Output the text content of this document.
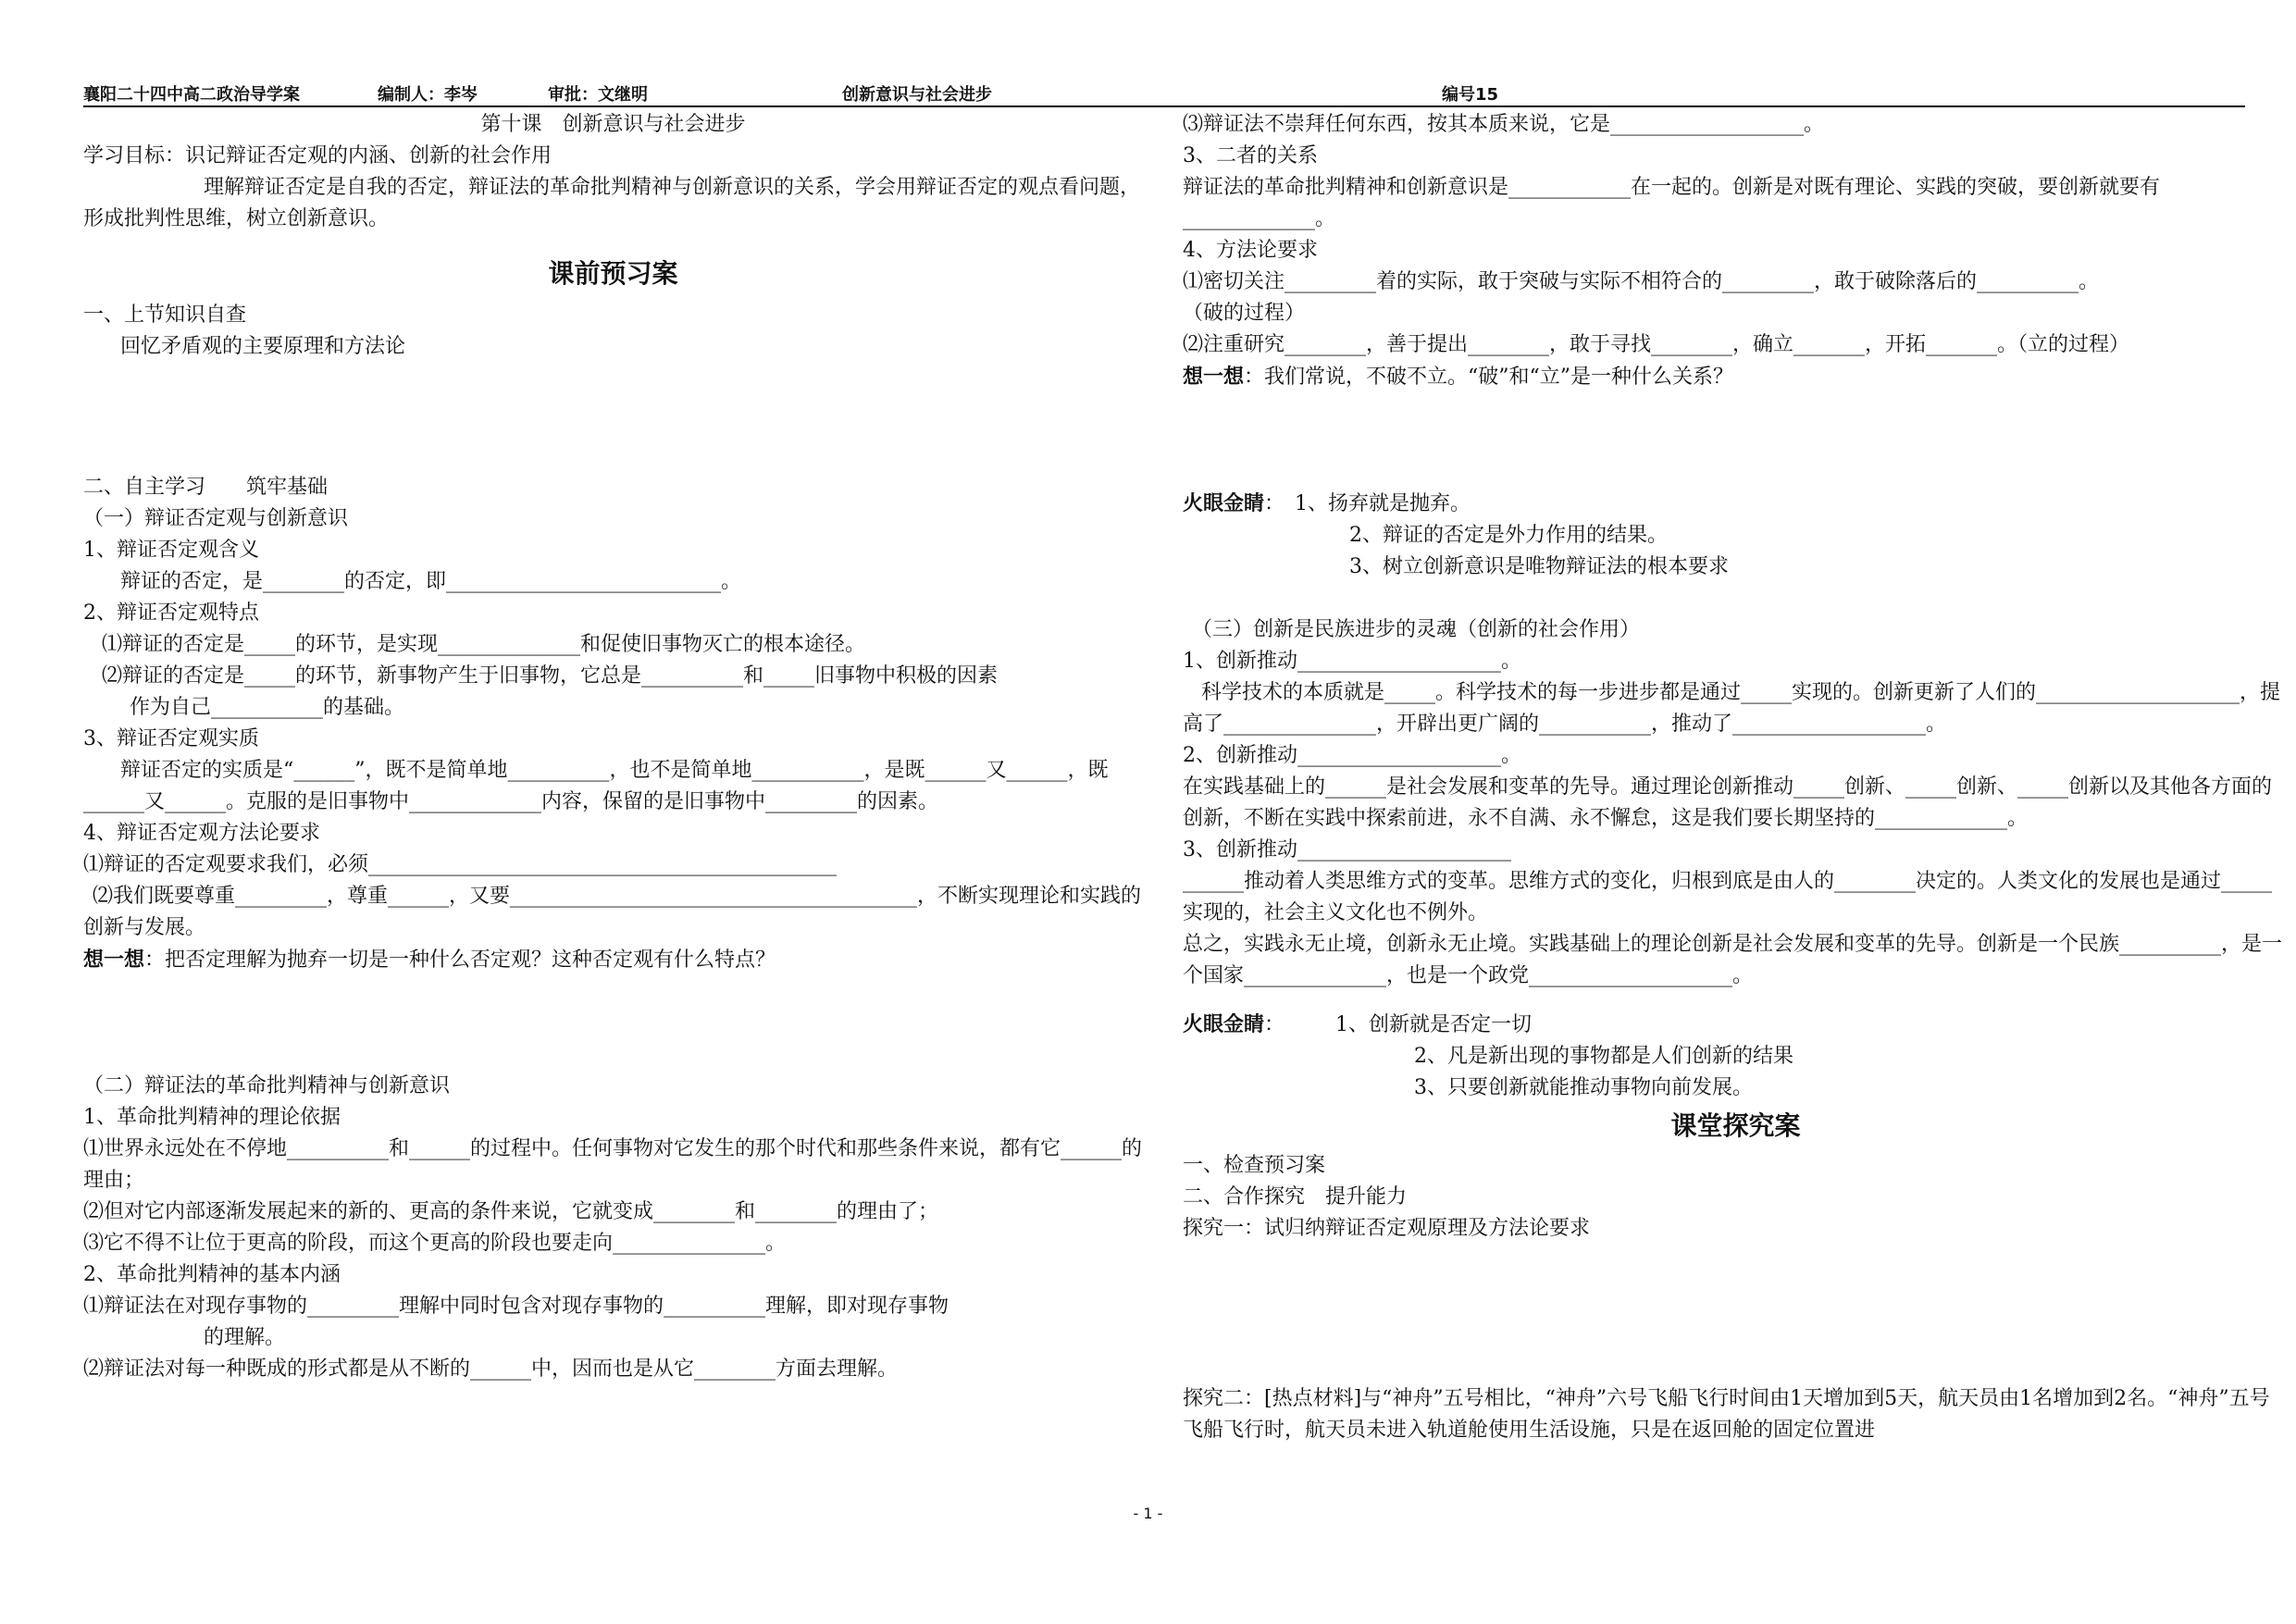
襄阳二十四中高二政治导学案	编制人：李岑	审批：文继明	创新意识与社会进步	编号15

第十课　创新意识与社会进步

学习目标：识记辩证否定观的内涵、创新的社会作用

理解辩证否定是自我的否定，辩证法的革命批判精神与创新意识的关系，学会用辩证否定的观点看问题，形成批判性思维，树立创新意识。

课前预习案

一、上节知识自查

回忆矛盾观的主要原理和方法论

二、自主学习　　筑牢基础

（一）辩证否定观与创新意识

1、辩证否定观含义

辩证的否定，是________的否定，即___________________________。

2、辩证否定观特点

⑴辩证的否定是_____的环节，是实现______________和促使旧事物灭亡的根本途径。

⑵辩证的否定是_____的环节，新事物产生于旧事物，它总是__________和_____旧事物中积极的因素

作为自己___________的基础。

3、辩证否定观实质

辩证否定的实质是“______”，既不是简单地__________，也不是简单地___________，是既______又______，既______又______。克服的是旧事物中_____________内容，保留的是旧事物中_________的因素。

4、辩证否定观方法论要求

⑴辩证的否定观要求我们，必须______________________________________________

⑵我们既要尊重_________，尊重______，又要________________________________________，不断实现理论和实践的创新与发展。

想一想：把否定理解为抛弃一切是一种什么否定观？这种否定观有什么特点？

（二）辩证法的革命批判精神与创新意识

1、革命批判精神的理论依据

⑴世界永远处在不停地__________和______的过程中。任何事物对它发生的那个时代和那些条件来说，都有它______的理由；

⑵但对它内部逐渐发展起来的新的、更高的条件来说，它就变成________和________的理由了；

⑶它不得不让位于更高的阶段，而这个更高的阶段也要走向_______________。

2、革命批判精神的基本内涵

⑴辩证法在对现存事物的_________理解中同时包含对现存事物的__________理解，即对现存事物

的理解。

⑵辩证法对每一种既成的形式都是从不断的______中，因而也是从它________方面去理解。

⑶辩证法不崇拜任何东西，按其本质来说，它是___________________。

3、二者的关系

辩证法的革命批判精神和创新意识是____________在一起的。创新是对既有理论、实践的突破，要创新就要有_____________。

4、方法论要求

⑴密切关注_________着的实际，敢于突破与实际不相符合的_________，敢于破除落后的__________。

（破的过程）

⑵注重研究________，善于提出________，敢于寻找________，确立_______，开拓_______。（立的过程）

想一想：我们常说，不破不立。“破”和“立”是一种什么关系？

火眼金睛：　1、扬弃就是抛弃。

2、辩证的否定是外力作用的结果。

3、树立创新意识是唯物辩证法的根本要求

（三）创新是民族进步的灵魂（创新的社会作用）

1、创新推动____________________。

科学技术的本质就是_____。科学技术的每一步进步都是通过_____实现的。创新更新了人们的____________________，提高了_______________，开辟出更广阔的___________，推动了___________________。

2、创新推动____________________。

在实践基础上的______是社会发展和变革的先导。通过理论创新推动_____创新、_____创新、_____创新以及其他各方面的创新，不断在实践中探索前进，永不自满、永不懈怠，这是我们要长期坚持的_____________。

3、创新推动_____________________

______推动着人类思维方式的变革。思维方式的变化，归根到底是由人的________决定的。人类文化的发展也是通过_____实现的，社会主义文化也不例外。

总之，实践永无止境，创新永无止境。实践基础上的理论创新是社会发展和变革的先导。创新是一个民族__________，是一个国家______________，也是一个政党____________________。

火眼金睛：　　　1、创新就是否定一切

2、凡是新出现的事物都是人们创新的结果

3、只要创新就能推动事物向前发展。

课堂探究案

一、检查预习案

二、合作探究　提升能力

探究一：试归纳辩证否定观原理及方法论要求

探究二：[热点材料]与“神舟”五号相比，“神舟”六号飞船飞行时间由1天增加到5天，航天员由1名增加到2名。“神舟”五号飞船飞行时，航天员未进入轨道舱使用生活设施，只是在返回舱的固定位置进

- 1 -
